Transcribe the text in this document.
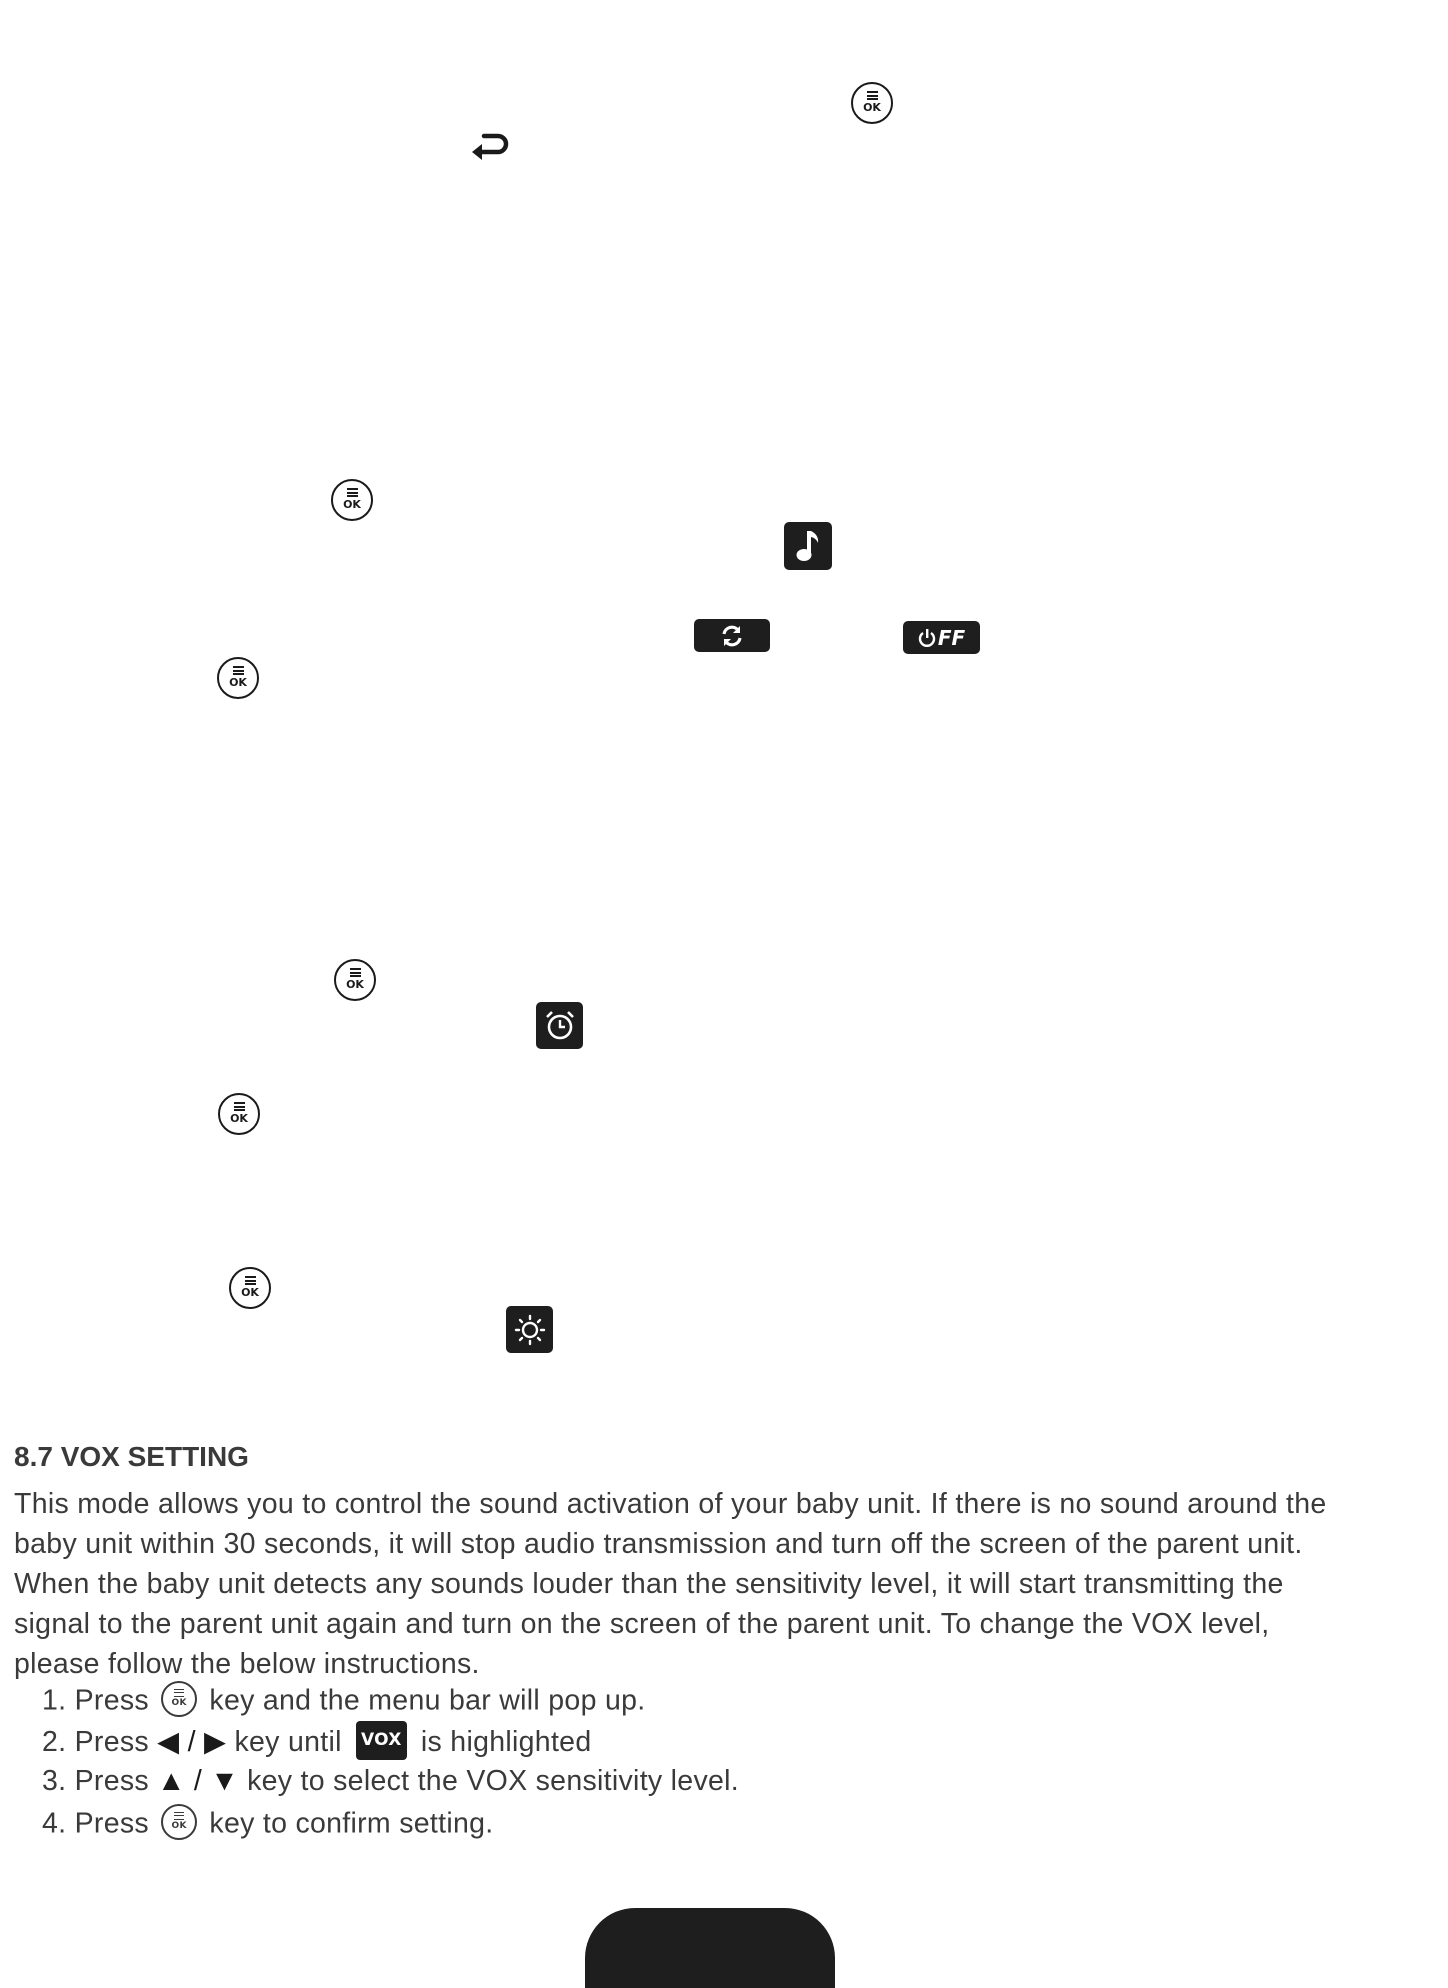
OK
OK
FF
OK
OK
OK
OK
8.7 VOX SETTING

This mode allows you to control the sound activation of your baby unit. If there is no sound around the baby unit within 30 seconds, it will stop audio transmission and turn off the screen of the parent unit. When the baby unit detects any sounds louder than the sensitivity level, it will start transmitting the signal to the parent unit again and turn on the screen of the parent unit. To change the VOX level, please follow the below instructions.

1. Press	OK key and the menu bar will pop up.
2. Press ◀ / ▶ key until VOX is highlighted
3. Press ▲ / ▼ key to select the VOX sensitivity level.
4. Press	OK key to confirm setting.
